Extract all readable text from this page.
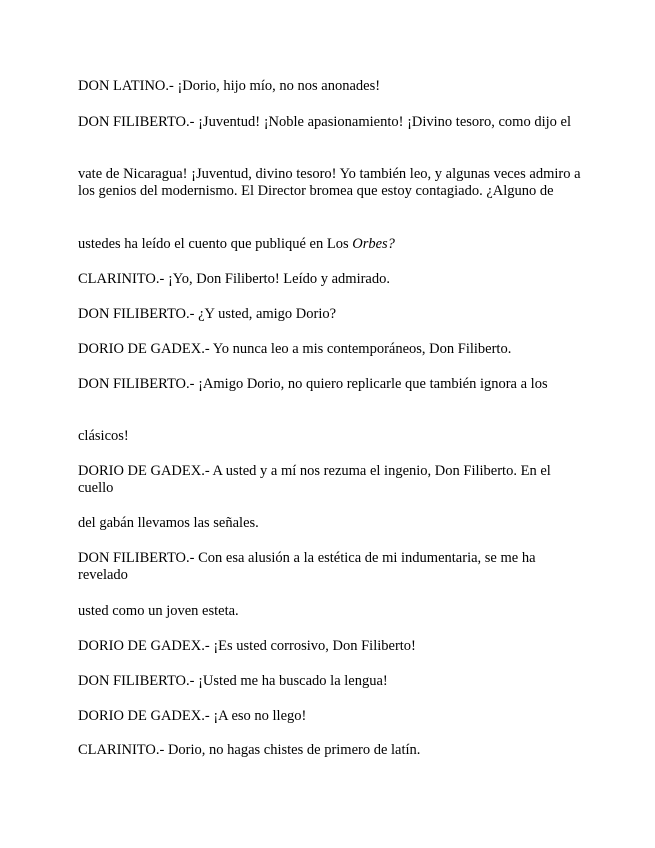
DON LATINO.- ¡Dorio, hijo mío, no nos anonades!

DON FILIBERTO.- ¡Juventud! ¡Noble apasionamiento! ¡Divino tesoro, como dijo el

vate de Nicaragua! ¡Juventud, divino tesoro! Yo también leo, y algunas veces admiro a los genios del modernismo. El Director bromea que estoy contagiado. ¿Alguno de

ustedes ha leído el cuento que publiqué en Los Orbes?

CLARINITO.- ¡Yo, Don Filiberto! Leído y admirado.

DON FILIBERTO.- ¿Y usted, amigo Dorio?

DORIO DE GADEX.- Yo nunca leo a mis contemporáneos, Don Filiberto.

DON FILIBERTO.- ¡Amigo Dorio, no quiero replicarle que también ignora a los

clásicos!

DORIO DE GADEX.- A usted y a mí nos rezuma el ingenio, Don Filiberto. En el cuello

del gabán llevamos las señales.

DON FILIBERTO.- Con esa alusión a la estética de mi indumentaria, se me ha revelado

usted como un joven esteta.

DORIO DE GADEX.- ¡Es usted corrosivo, Don Filiberto!

DON FILIBERTO.- ¡Usted me ha buscado la lengua!

DORIO DE GADEX.- ¡A eso no llego!

CLARINITO.- Dorio, no hagas chistes de primero de latín.
